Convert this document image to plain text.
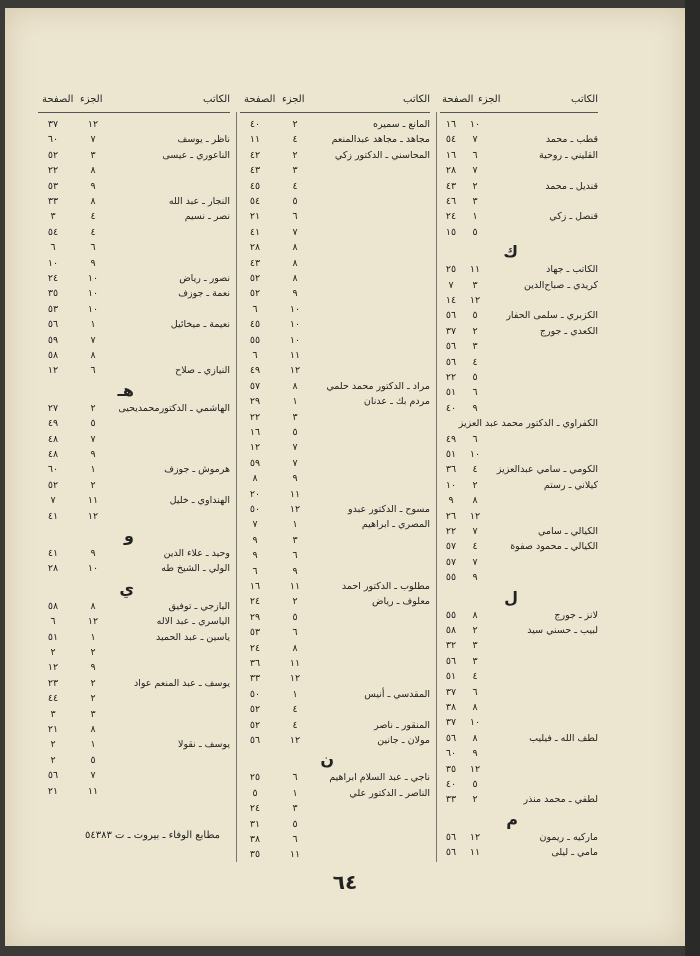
الكاتب
الجزء
الصفحة
١٠
١٦
قطب ـ محمد
٧
٥٤
القليني ـ روحية
٦
١٦
٧
٢٨
قنديل ـ محمد
٢
٤٣
٣
٤٦
قنصل ـ زكي
١
٢٤
٥
١٥
ك
الكاتب ـ جهاد
١١
٢٥
كريدي ـ صباح‌الدين
٣
٧
١٢
١٤
الكزبري ـ سلمى الحفار
٥
٥٦
الكعدي ـ جورج
٢
٣٧
٣
٥٦
٤
٥٦
٥
٢٢
٦
٥١
٩
٤٠
الكفراوي ـ الدكتور محمد عبد العزيز
٦
٤٩
١٠
٥١
الكومي ـ سامي عبدالعزيز
٤
٣٦
كيلاني ـ رستم
٢
١٠
٨
٩
١٢
٢٦
الكيالي ـ سامي
٧
٢٢
الكيالي ـ محمود صفوة
٤
٥٧
٧
٥٧
٩
٥٥
ل
لانز ـ جورج
٨
٥٥
لبيب ـ حسني سيد
٢
٥٨
٣
٣٢
٣
٥٦
٤
٥١
٦
٣٧
٨
٣٨
١٠
٣٧
لطف الله ـ فيليب
٨
٥٦
٩
٦٠
١٢
٣٥
٥
٤٠
لطفي ـ محمد منذر
٢
٣٣
م
ماركيه ـ ريمون
١٢
٥٦
مامي ـ ليلى
١١
٥٦
الكاتب
الجزء
الصفحة
المانع ـ سميره
٢
٤٠
مجاهد ـ مجاهد عبدالمنعم
٤
١١
المحاسني ـ الدكتور زكي
٢
٤٢
٣
٤٣
٤
٤٥
٥
٥٤
٦
٢١
٧
٤١
٨
٢٨
٨
٤٣
٨
٥٢
٩
٥٢
١٠
٦
١٠
٤٥
١٠
٥٥
١١
٦
١٢
٤٩
مراد ـ الدكتور محمد حلمي
٨
٥٧
مردم بك ـ عدنان
١
٢٩
٣
٢٢
٥
١٦
٧
١٢
٧
٥٩
٩
٨
١١
٢٠
مسوح ـ الدكتور عبدو
١٢
٥٠
المصري ـ ابراهيم
١
٧
٣
٩
٦
٩
٩
٦
مطلوب ـ الدكتور احمد
١١
١٦
معلوف ـ رياض
٢
٢٤
٥
٢٩
٦
٥٣
٨
٢٤
١١
٣٦
١٢
٣٣
المقدسي ـ أنيس
١
٥٠
٤
٥٢
المنقور ـ ناصر
٤
٥٢
مولان ـ جانين
١٢
٥٦
ن
ناجي ـ عبد السلام ابراهيم
٦
٢٥
الناصر ـ الدكتور علي
١
٥
٣
٢٤
٥
٣١
٦
٣٨
١١
٣٥
الكاتب
الجزء
الصفحة
١٢
٣٧
ناظر ـ يوسف
٧
٦٠
الناعوري ـ عيسى
٣
٥٢
٨
٢٢
٩
٥٣
النجار ـ عبد الله
٨
٣٣
نصر ـ نسيم
٤
٣
٤
٥٤
٦
٦
٩
١٠
نصور ـ رياض
١٠
٢٤
نعمة ـ جوزف
١٠
٣٥
١٠
٥٣
نعيمة ـ ميخائيل
١
٥٦
٧
٥٩
٨
٥٨
النيازي ـ صلاح
٦
١٢
هـ
الهاشمي ـ الدكتورمحمديحيى
٢
٢٧
٥
٤٩
٧
٤٨
٩
٤٨
هرموش ـ جوزف
١
٦٠
٢
٥٢
الهنداوي ـ خليل
١١
٧
١٢
٤١
و
وحيد ـ علاء الدين
٩
٤١
الولي ـ الشيخ طه
١٠
٢٨
ي
اليازجي ـ توفيق
٨
٥٨
الياسري ـ عبد الاله
١٢
٦
ياسين ـ عبد الحميد
١
٥١
٢
٢
٩
١٢
يوسف ـ عبد المنعم عواد
٢
٢٣
٢
٤٤
٣
٣
٨
٢١
يوسف ـ نقولا
١
٢
٥
٢
٧
٥٦
١١
٢١
مطابع الوفاء ـ بيروت ـ ت ٥٤٣٨٣
٦٤
